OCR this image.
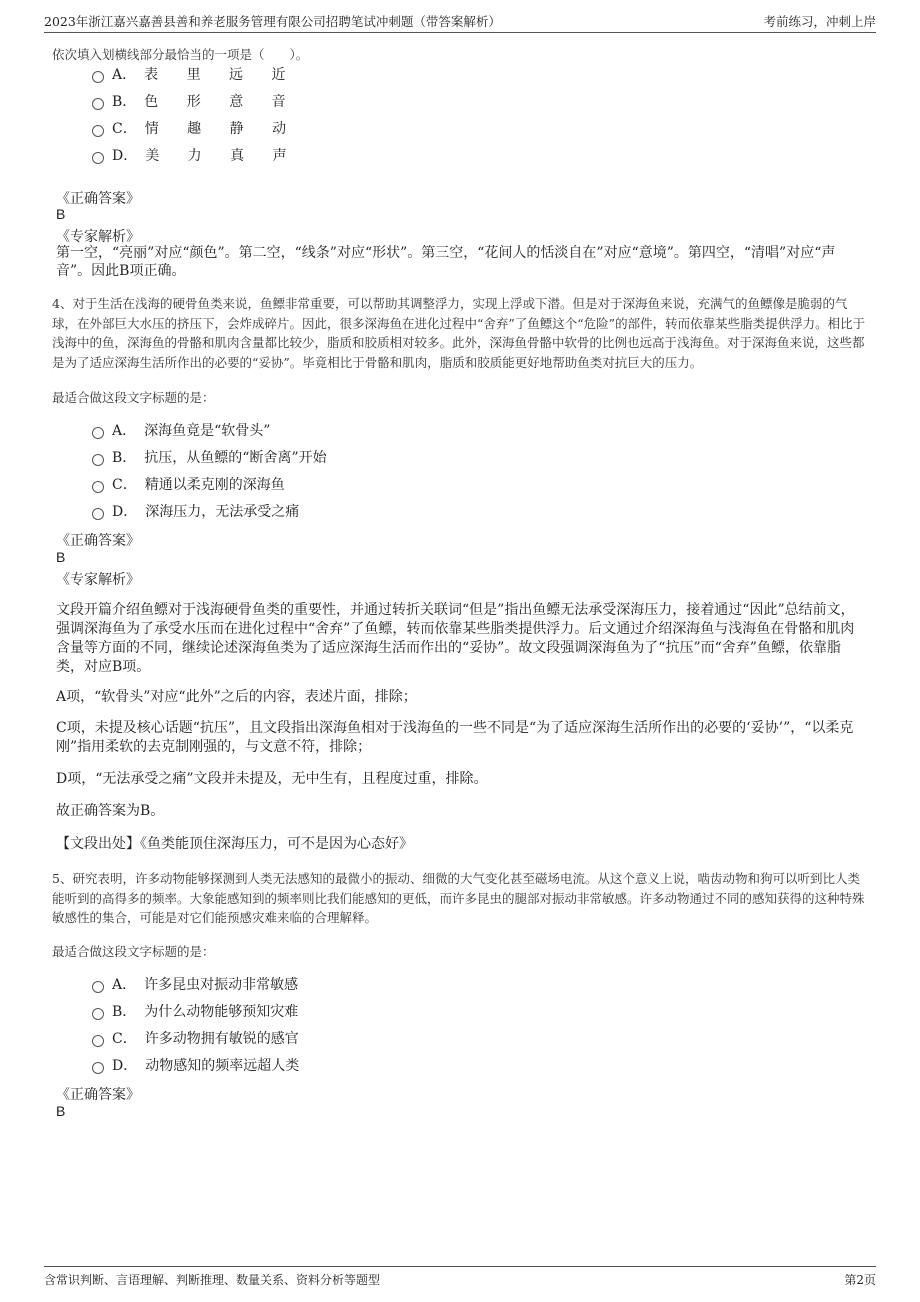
2023年浙江嘉兴嘉善县善和养老服务管理有限公司招聘笔试冲刺题（带答案解析）	考前练习，冲刺上岸
依次填入划横线部分最恰当的一项是（　　）。
A． 表 里 远 近
B． 色 形 意 音
C． 情 趣 静 动
D． 美 力 真 声
《正确答案》
B
《专家解析》
第一空，“亮丽”对应“颜色”。第二空，“线条”对应“形状”。第三空，“花间人的恬淡自在”对应“意境”。第四空，“清唱”对应“声音”。因此B项正确。
4、对于生活在浅海的硬骨鱼类来说，鱼鳔非常重要，可以帮助其调整浮力，实现上浮或下潜。但是对于深海鱼来说，充满气的鱼鳔像是脆弱的气球，在外部巨大水压的挤压下，会炸成碎片。因此，很多深海鱼在进化过程中“舍弃”了鱼鳔这个“危险”的部件，转而依靠某些脂类提供浮力。相比于浅海中的鱼，深海鱼的骨骼和肌肉含量都比较少，脂质和胶质相对较多。此外，深海鱼骨骼中软骨的比例也远高于浅海鱼。对于深海鱼来说，这些都是为了适应深海生活所作出的必要的“妥协”。毕竟相比于骨骼和肌肉，脂质和胶质能更好地帮助鱼类对抗巨大的压力。
最适合做这段文字标题的是：
A． 深海鱼竟是“软骨头”
B． 抗压，从鱼鳔的“断舍离”开始
C． 精通以柔克刚的深海鱼
D． 深海压力，无法承受之痛
《正确答案》
B
《专家解析》
文段开篇介绍鱼鳔对于浅海硬骨鱼类的重要性，并通过转折关联词“但是”指出鱼鳔无法承受深海压力，接着通过“因此”总结前文，强调深海鱼为了承受水压而在进化过程中“舍弃”了鱼鳔，转而依靠某些脂类提供浮力。后文通过介绍深海鱼与浅海鱼在骨骼和肌肉含量等方面的不同，继续论述深海鱼类为了适应深海生活而作出的“妥协”。故文段强调深海鱼为了“抗压”而“舍弃”鱼鳔，依靠脂类，对应B项。
A项，“软骨头”对应“此外”之后的内容，表述片面，排除；
C项，未提及核心话题“抗压”，且文段指出深海鱼相对于浅海鱼的一些不同是“为了适应深海生活所作出的必要的‘妥协’”，“以柔克刚”指用柔软的去克制刚强的，与文意不符，排除；
D项，“无法承受之痛”文段并未提及，无中生有，且程度过重，排除。
故正确答案为B。
【文段出处】《鱼类能顶住深海压力，可不是因为心态好》
5、研究表明，许多动物能够探测到人类无法感知的最微小的振动、细微的大气变化甚至磁场电流。从这个意义上说，啮齿动物和狗可以听到比人类能听到的高得多的频率。大象能感知到的频率则比我们能感知的更低，而许多昆虫的腿部对振动非常敏感。许多动物通过不同的感知获得的这种特殊敏感性的集合，可能是对它们能预感灾难来临的合理解释。
最适合做这段文字标题的是：
A． 许多昆虫对振动非常敏感
B． 为什么动物能够预知灾难
C． 许多动物拥有敏锐的感官
D． 动物感知的频率远超人类
《正确答案》
B
含常识判断、言语理解、判断推理、数量关系、资料分析等题型	第2页
